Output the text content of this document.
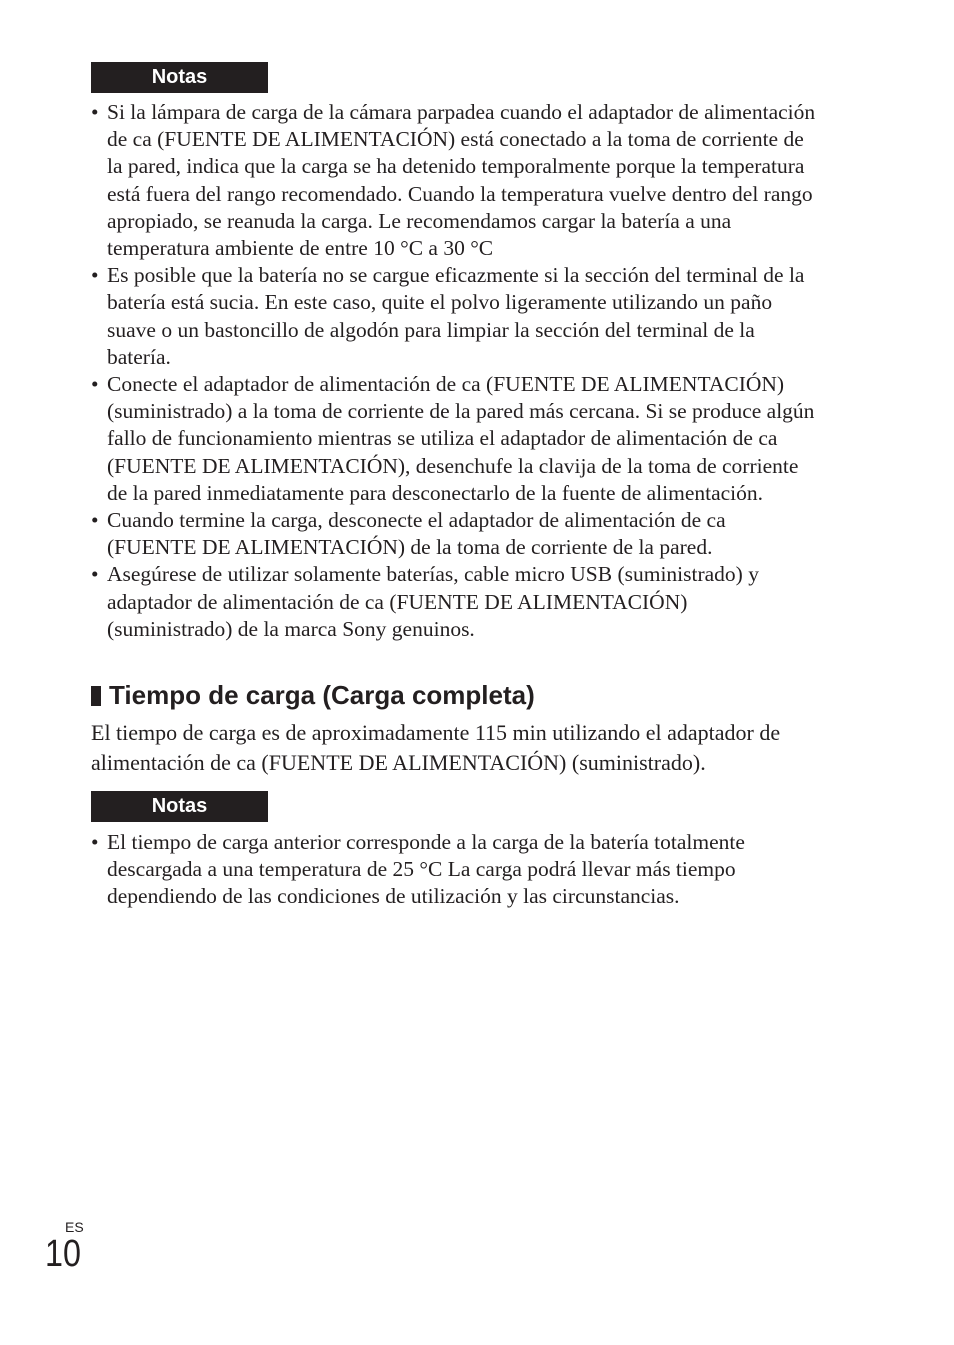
Notas
• Si la lámpara de carga de la cámara parpadea cuando el adaptador de alimentación
de ca (FUENTE DE ALIMENTACIÓN) está conectado a la toma de corriente de
la pared, indica que la carga se ha detenido temporalmente porque la temperatura
está fuera del rango recomendado. Cuando la temperatura vuelve dentro del rango
apropiado, se reanuda la carga. Le recomendamos cargar la batería a una
temperatura ambiente de entre 10 °C a 30 °C
• Es posible que la batería no se cargue eficazmente si la sección del terminal de la
batería está sucia. En este caso, quite el polvo ligeramente utilizando un paño
suave o un bastoncillo de algodón para limpiar la sección del terminal de la
batería.
• Conecte el adaptador de alimentación de ca (FUENTE DE ALIMENTACIÓN)
(suministrado) a la toma de corriente de la pared más cercana. Si se produce algún
fallo de funcionamiento mientras se utiliza el adaptador de alimentación de ca
(FUENTE DE ALIMENTACIÓN), desenchufe la clavija de la toma de corriente
de la pared inmediatamente para desconectarlo de la fuente de alimentación.
• Cuando termine la carga, desconecte el adaptador de alimentación de ca
(FUENTE DE ALIMENTACIÓN) de la toma de corriente de la pared.
• Asegúrese de utilizar solamente baterías, cable micro USB (suministrado) y
adaptador de alimentación de ca (FUENTE DE ALIMENTACIÓN)
(suministrado) de la marca Sony genuinos.
Tiempo de carga (Carga completa)

El tiempo de carga es de aproximadamente 115 min utilizando el adaptador de
alimentación de ca (FUENTE DE ALIMENTACIÓN) (suministrado).

Notas
• El tiempo de carga anterior corresponde a la carga de la batería totalmente
descargada a una temperatura de 25 °C La carga podrá llevar más tiempo
dependiendo de las condiciones de utilización y las circunstancias.
ES
10
